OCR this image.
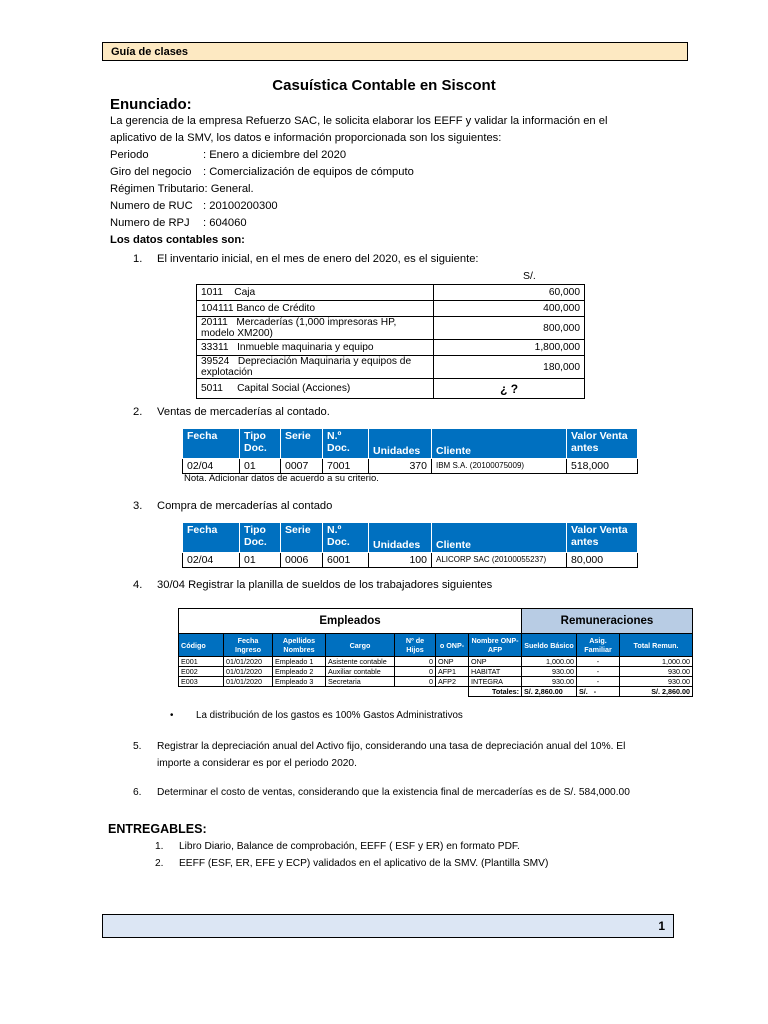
Guía de clases
Casuística Contable en Siscont
Enunciado:
La gerencia de la empresa Refuerzo SAC, le solicita elaborar los EEFF y validar la información en el
aplicativo de la SMV, los datos e información proporcionada son los siguientes:
Periodo	: Enero a diciembre del 2020
Giro del negocio : Comercialización de equipos de cómputo
Régimen Tributario: General.
Numero de RUC : 20100200300
Numero de RPJ : 604060
Los datos contables son:
1. El inventario inicial, en el mes de enero del 2020, es el siguiente:
S/.
1011 Caja	60,000
104111 Banco de Crédito	400,000
20111 Mercaderías (1,000 impresoras HP, modelo XM200)	800,000
33311 Inmueble maquinaria y equipo	1,800,000
39524 Depreciación Maquinaria y equipos de explotación	180,000
5011 Capital Social (Acciones)	¿ ?
2. Ventas de mercaderías al contado.
Fecha	Tipo Doc.	Serie	N.º Doc.	Unidades	Cliente	Valor Venta antes
02/04	01	0007	7001	370	IBM S.A. (20100075009)	518,000
Nota. Adicionar datos de acuerdo a su criterio.
3. Compra de mercaderías al contado
Fecha	Tipo Doc.	Serie	N.º Doc.	Unidades	Cliente	Valor Venta antes
02/04	01	0006	6001	100	ALICORP SAC (20100055237)	80,000
4. 30/04 Registrar la planilla de sueldos de los trabajadores siguientes
Empleados							Remuneraciones		
Código	Fecha Ingreso	Apellidos Nombres	Cargo	Nº de Hijos	o ONP-	Nombre ONP-AFP	Sueldo Básico	Asig. Familiar	Total Remun.
E001	01/01/2020	Empleado 1	Asistente contable	0	ONP	ONP	1,000.00	-	1,000.00
E002	01/01/2020	Empleado 2	Auxiliar contable	0	AFP1	HABITAT	930.00	-	930.00
E003	01/01/2020	Empleado 3	Secretaria	0	AFP2	INTEGRA	930.00	-	930.00
						Totales:	S/. 2,860.00	S/. -	S/. 2,860.00
• La distribución de los gastos es 100% Gastos Administrativos
5. Registrar la depreciación anual del Activo fijo, considerando una tasa de depreciación anual del 10%. El
importe a considerar es por el periodo 2020.
6. Determinar el costo de ventas, considerando que la existencia final de mercaderías es de S/. 584,000.00
ENTREGABLES:
1. Libro Diario, Balance de comprobación, EEFF ( ESF y ER) en formato PDF.
2. EEFF (ESF, ER, EFE y ECP) validados en el aplicativo de la SMV. (Plantilla SMV)
1
